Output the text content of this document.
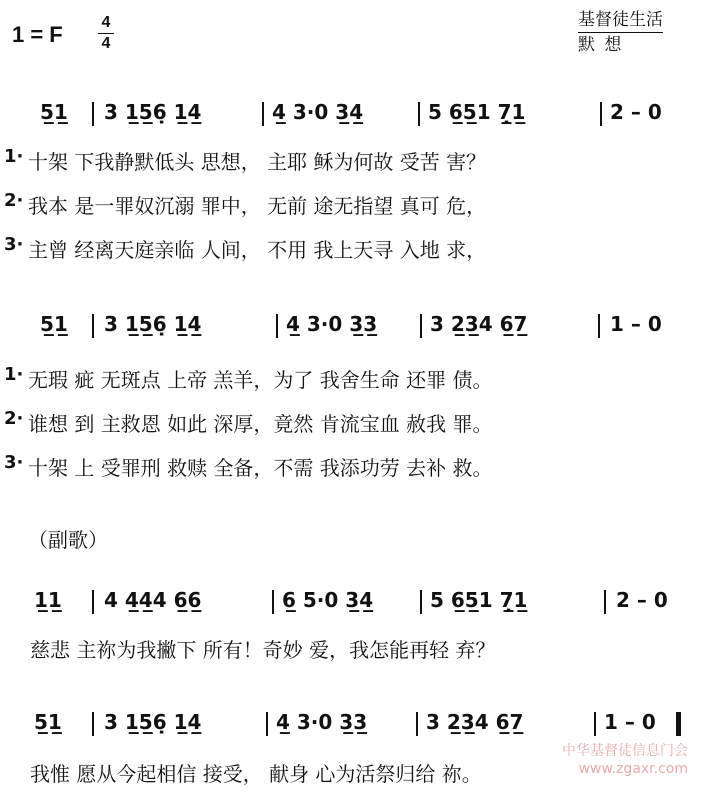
1 = F	4
4
基督徒生活
默 想
5̲1̲ 3 1̲5̲6̣ 1̲4̲	4̲ 3·0 3̲4̲	5 6̲5̲1 7̣̲1̲	2 – 0
1· 十架 下我静默低头 思想， 主耶 稣为何故 受苦 害？
2· 我本 是一罪奴沉溺 罪中， 无前 途无指望 真可 危，
3· 主曾 经离天庭亲临 人间， 不用 我上天寻 入地 求，
5̲1̲ 3 1̲5̲6̣ 1̲4̲	4̲ 3·0 3̲3̲	3 2̲3̲4 6̲7̲	1 – 0
1· 无瑕 疵 无斑点 上帝 羔羊，为了 我舍生命 还罪 债。
2· 谁想 到 主救恩 如此 深厚，竟然 肯流宝血 赦我 罪。
3· 十架 上 受罪刑 救赎 全备，不需 我添功劳 去补 救。
（副歌）
1̲1̲ 4 4̲4̲4 6̲6̲	6̲ 5·0 3̲4̲	5 6̲5̲1 7̣̲1̲	2 – 0
慈悲 主祢为我撇下 所有！奇妙 爱，我怎能再轻 弃？
5̲1̲ 3 1̲5̲6̣ 1̲4̲	4̲ 3·0 3̲3̲	3 2̲3̲4 6̲7̲	1 – 0
我惟 愿从今起相信 接受， 献身 心为活祭归给 祢。
中华基督徒信息门会
www.zgaxr.com
